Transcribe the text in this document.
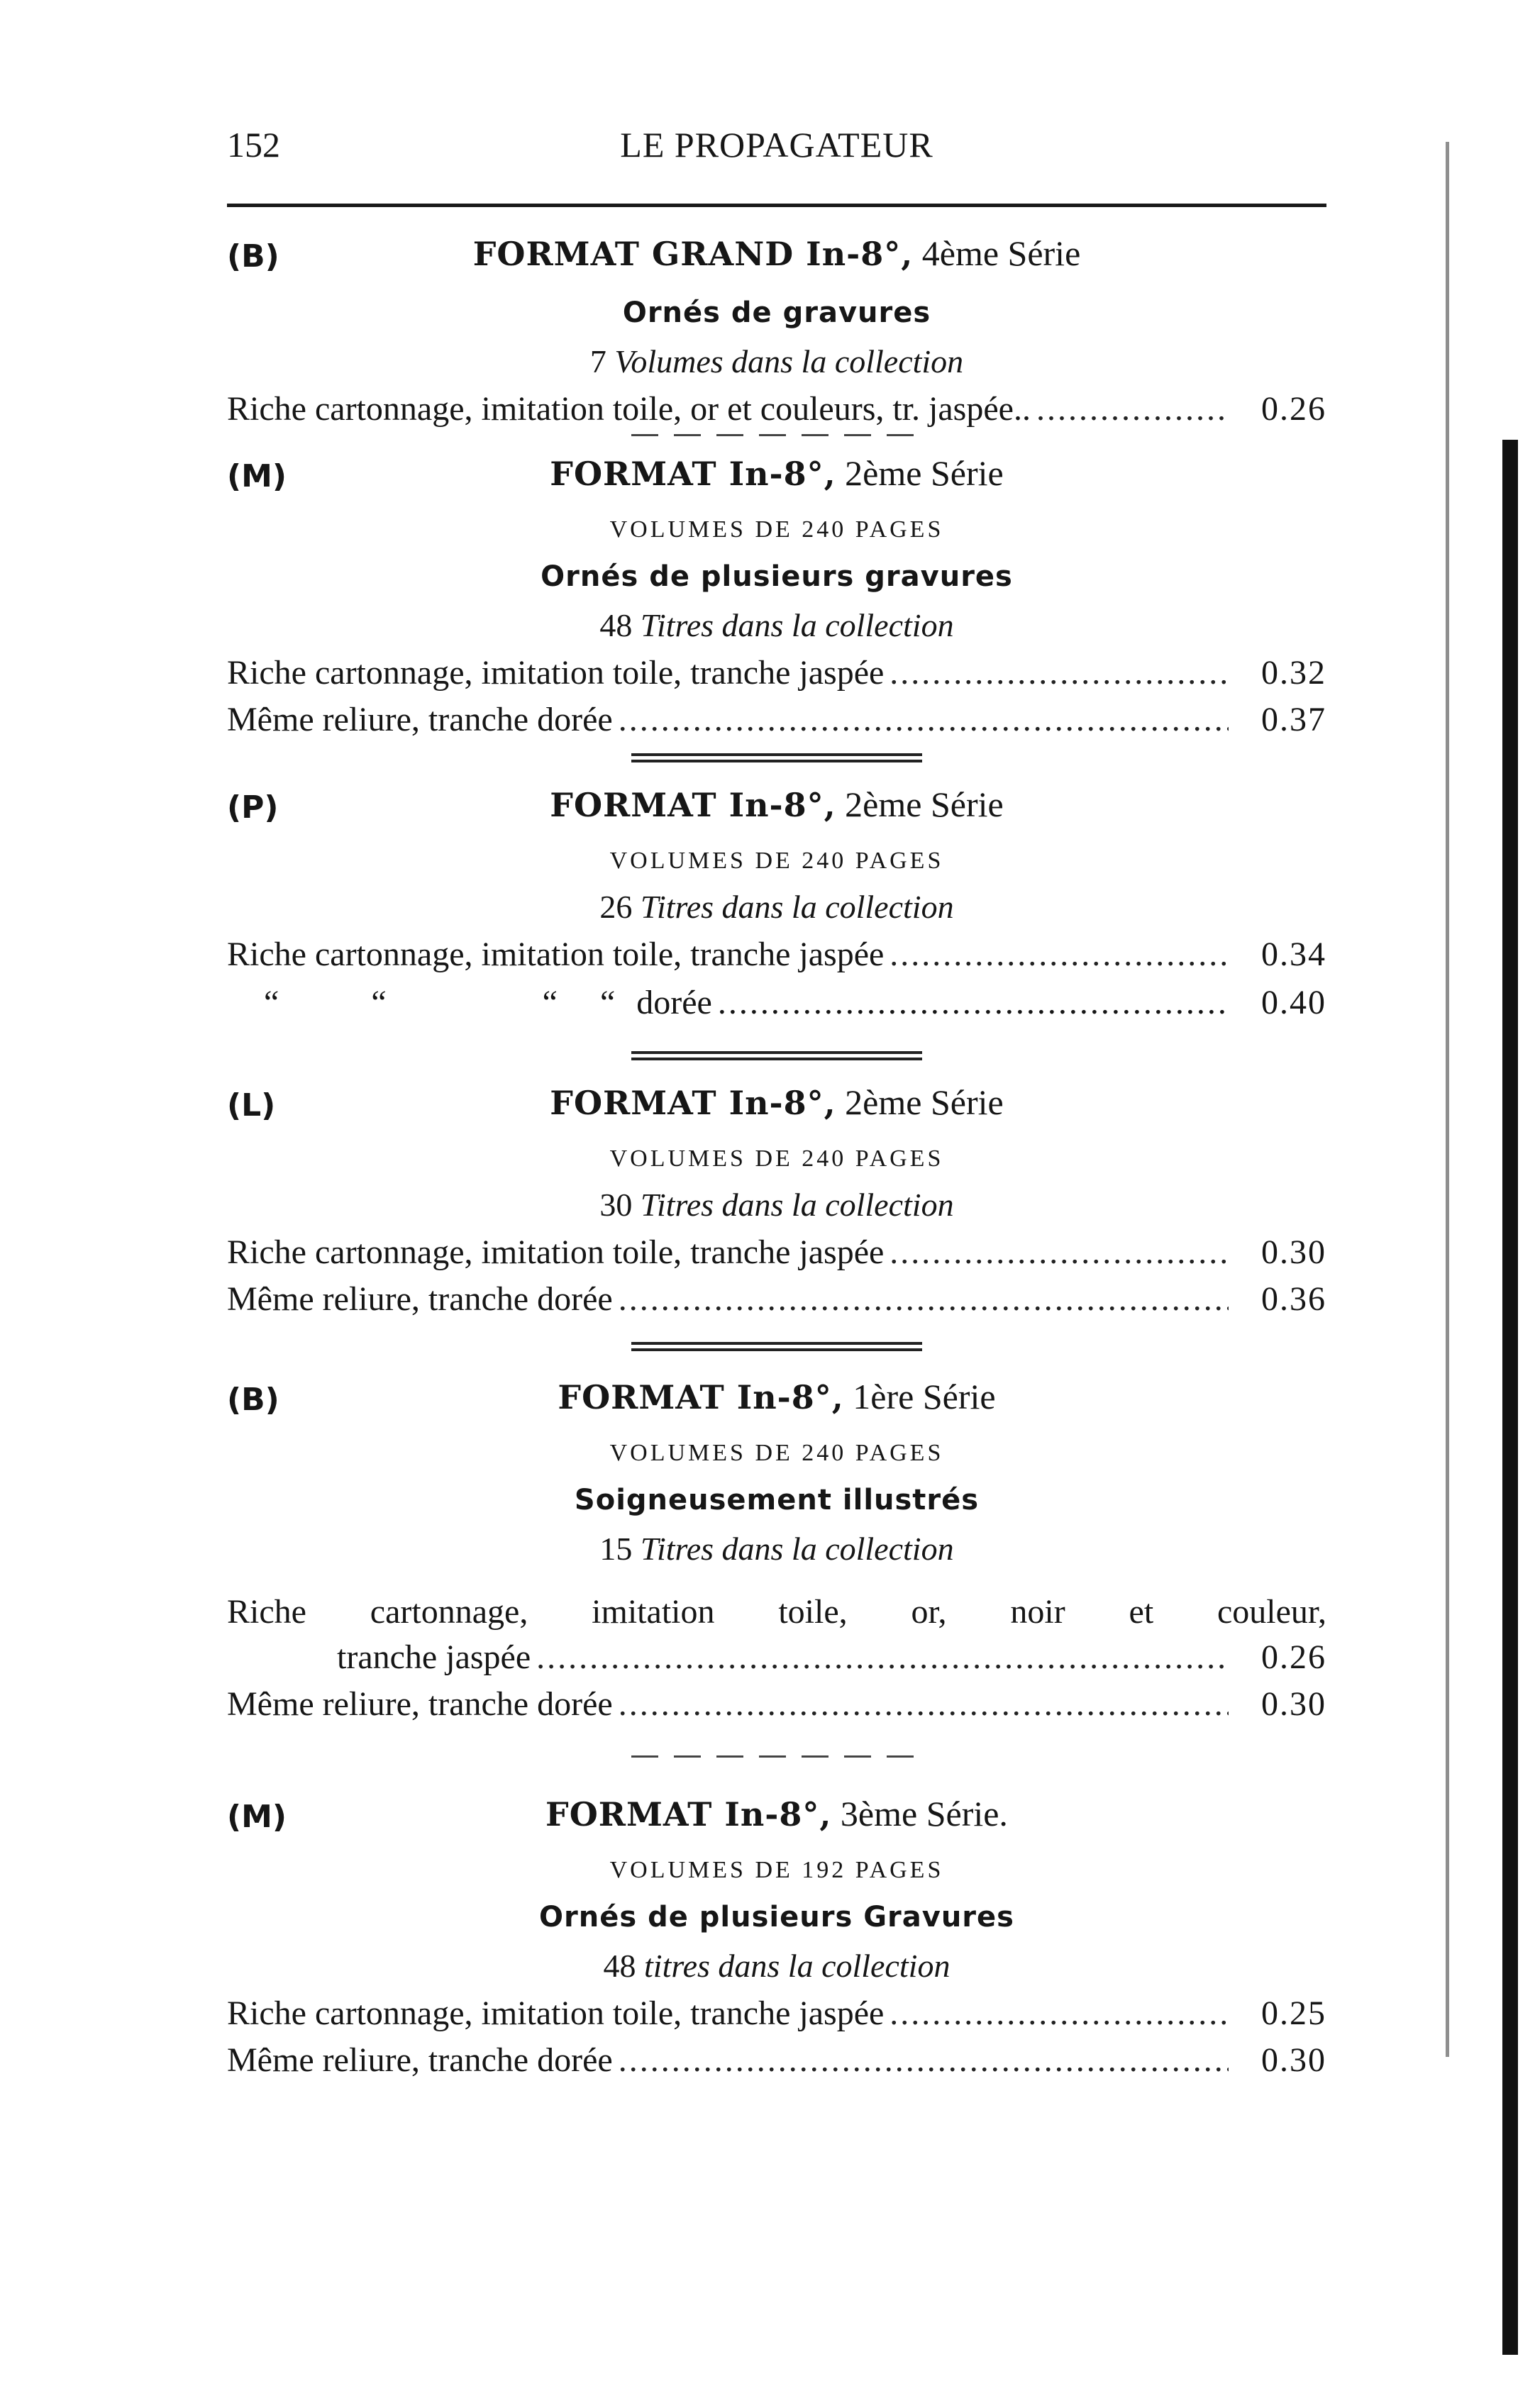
152	LE PROPAGATEUR
(B)	FORMAT GRAND In-8°, 4ème Série
Ornés de gravures
7 Volumes dans la collection
Riche cartonnage, imitation toile, or et couleurs, tr. jaspée.. .....	0.26
(M)	FORMAT In-8°, 2ème Série
VOLUMES DE 240 PAGES
Ornés de plusieurs gravures
48 Titres dans la collection
Riche cartonnage, imitation toile, tranche jaspée .....	0.32
Même reliure, tranche dorée .....	0.37
(P)	FORMAT In-8°, 2ème Série
VOLUMES DE 240 PAGES
26 Titres dans la collection
Riche cartonnage, imitation toile, tranche jaspée .....	0.34
“	“	“ “ dorée .....	0.40
(L)	FORMAT In-8°, 2ème Série
VOLUMES DE 240 PAGES
30 Titres dans la collection
Riche cartonnage, imitation toile, tranche jaspée .....	0.30
Même reliure, tranche dorée .....	0.36
(B)	FORMAT In-8°, 1ère Série
VOLUMES DE 240 PAGES
Soigneusement illustrés
15 Titres dans la collection
Riche cartonnage, imitation toile, or, noir et couleur,
tranche jaspée .....	0.26
Même reliure, tranche dorée .....	0.30
(M)	FORMAT In-8°, 3ème Série.
VOLUMES DE 192 PAGES
Ornés de plusieurs Gravures
48 titres dans la collection
Riche cartonnage, imitation toile, tranche jaspée .....	0.25
Même reliure, tranche dorée .....	0.30
